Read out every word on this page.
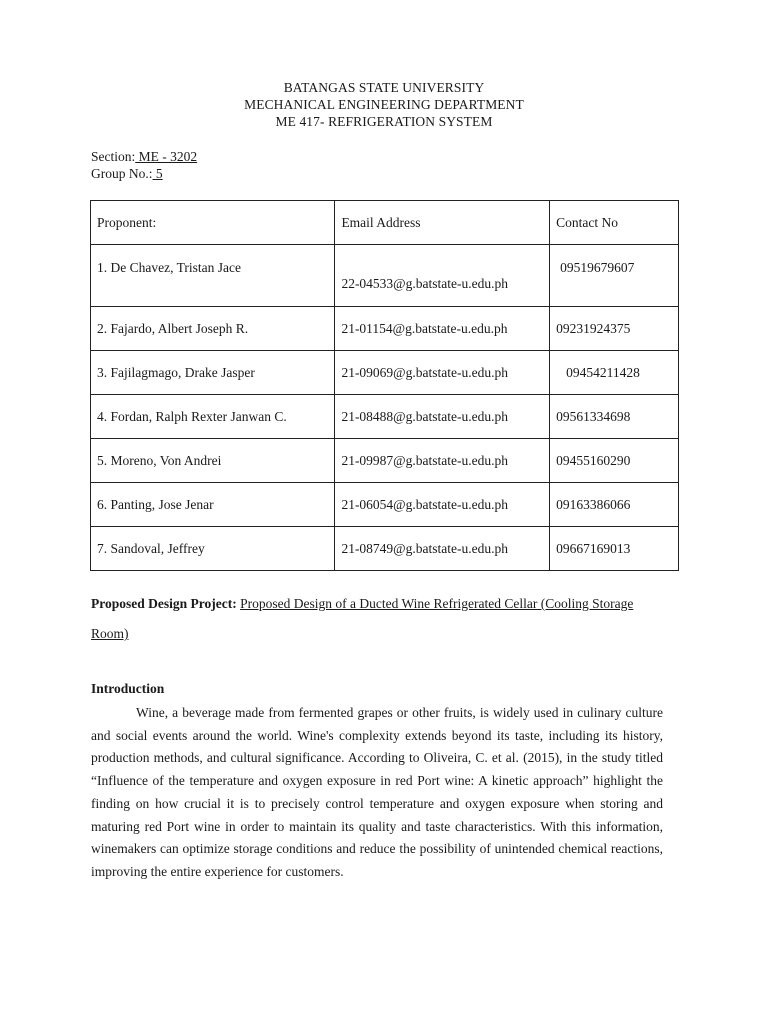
BATANGAS STATE UNIVERSITY
MECHANICAL ENGINEERING DEPARTMENT
ME 417- REFRIGERATION SYSTEM
Section: ME - 3202
Group No.: 5
Proponent:	Email Address	Contact No
1. De Chavez, Tristan Jace	22-04533@g.batstate-u.edu.ph	09519679607
2. Fajardo, Albert Joseph R.	21-01154@g.batstate-u.edu.ph	09231924375
3. Fajilagmago, Drake Jasper	21-09069@g.batstate-u.edu.ph	09454211428
4. Fordan, Ralph Rexter Janwan C.	21-08488@g.batstate-u.edu.ph	09561334698
5. Moreno, Von Andrei	21-09987@g.batstate-u.edu.ph	09455160290
6. Panting, Jose Jenar	21-06054@g.batstate-u.edu.ph	09163386066
7. Sandoval, Jeffrey	21-08749@g.batstate-u.edu.ph	09667169013
Proposed Design Project: Proposed Design of a Ducted Wine Refrigerated Cellar (Cooling Storage Room)
Introduction
Wine, a beverage made from fermented grapes or other fruits, is widely used in culinary culture and social events around the world. Wine's complexity extends beyond its taste, including its history, production methods, and cultural significance. According to Oliveira, C. et al. (2015), in the study titled “Influence of the temperature and oxygen exposure in red Port wine: A kinetic approach” highlight the finding on how crucial it is to precisely control temperature and oxygen exposure when storing and maturing red Port wine in order to maintain its quality and taste characteristics. With this information, winemakers can optimize storage conditions and reduce the possibility of unintended chemical reactions, improving the entire experience for customers.
